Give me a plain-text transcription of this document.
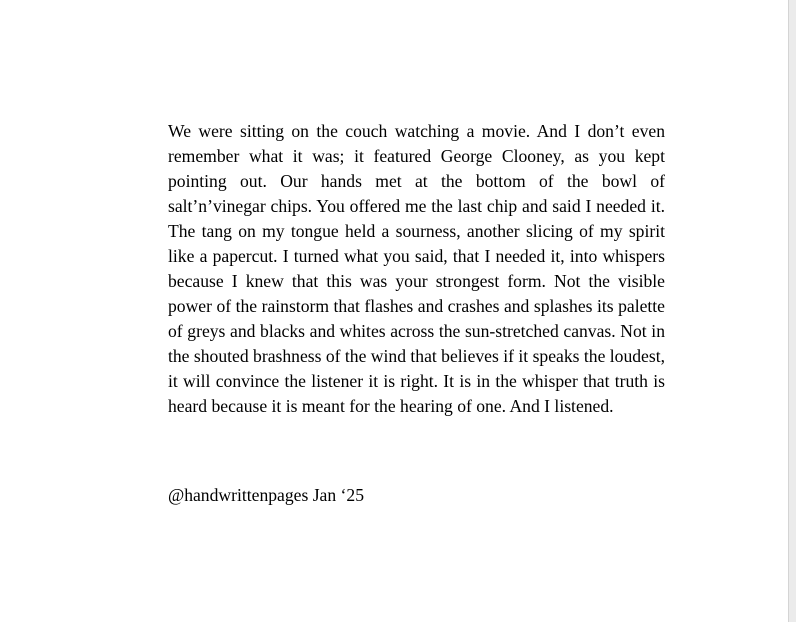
We were sitting on the couch watching a movie. And I don’t even remember what it was; it featured George Clooney, as you kept pointing out. Our hands met at the bottom of the bowl of salt’n’vinegar chips. You offered me the last chip and said I needed it. The tang on my tongue held a sourness, another slicing of my spirit like a papercut. I turned what you said, that I needed it, into whispers because I knew that this was your strongest form. Not the visible power of the rainstorm that flashes and crashes and splashes its palette of greys and blacks and whites across the sun-stretched canvas. Not in the shouted brashness of the wind that believes if it speaks the loudest, it will convince the listener it is right. It is in the whisper that truth is heard because it is meant for the hearing of one. And I listened.

@handwrittenpages Jan ‘25
